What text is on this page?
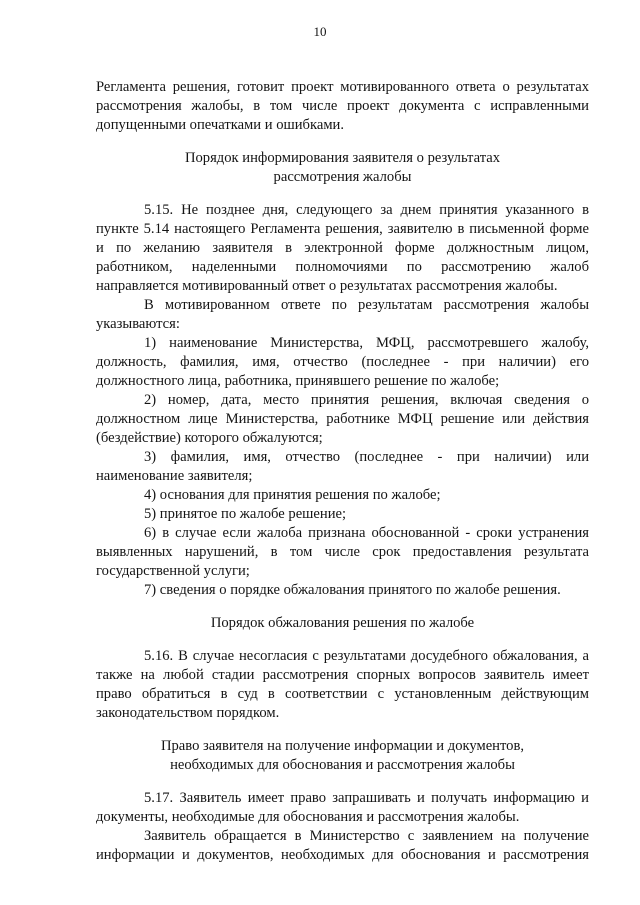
10
Регламента решения, готовит проект мотивированного ответа о результатах
рассмотрения жалобы, в том числе проект документа с исправленными
допущенными опечатками и ошибками.
Порядок информирования заявителя о результатах
рассмотрения жалобы
5.15. Не позднее дня, следующего за днем принятия указанного в
пункте 5.14 настоящего Регламента решения, заявителю в письменной форме
и по желанию заявителя в электронной форме должностным лицом,
работником, наделенными полномочиями по рассмотрению жалоб
направляется мотивированный ответ о результатах рассмотрения жалобы.
В мотивированном ответе по результатам рассмотрения жалобы
указываются:
1) наименование Министерства, МФЦ, рассмотревшего жалобу,
должность, фамилия, имя, отчество (последнее - при наличии) его
должностного лица, работника, принявшего решение по жалобе;
2) номер, дата, место принятия решения, включая сведения о
должностном лице Министерства, работнике МФЦ решение или действия
(бездействие) которого обжалуются;
3) фамилия, имя, отчество (последнее - при наличии) или
наименование заявителя;
4) основания для принятия решения по жалобе;
5) принятое по жалобе решение;
6) в случае если жалоба признана обоснованной - сроки устранения
выявленных нарушений, в том числе срок предоставления результата
государственной услуги;
7) сведения о порядке обжалования принятого по жалобе решения.
Порядок обжалования решения по жалобе
5.16. В случае несогласия с результатами досудебного обжалования, а
также на любой стадии рассмотрения спорных вопросов заявитель имеет
право обратиться в суд в соответствии с установленным действующим
законодательством порядком.
Право заявителя на получение информации и документов,
необходимых для обоснования и рассмотрения жалобы
5.17. Заявитель имеет право запрашивать и получать информацию и
документы, необходимые для обоснования и рассмотрения жалобы.
Заявитель обращается в Министерство с заявлением на получение
информации и документов, необходимых для обоснования и рассмотрения
